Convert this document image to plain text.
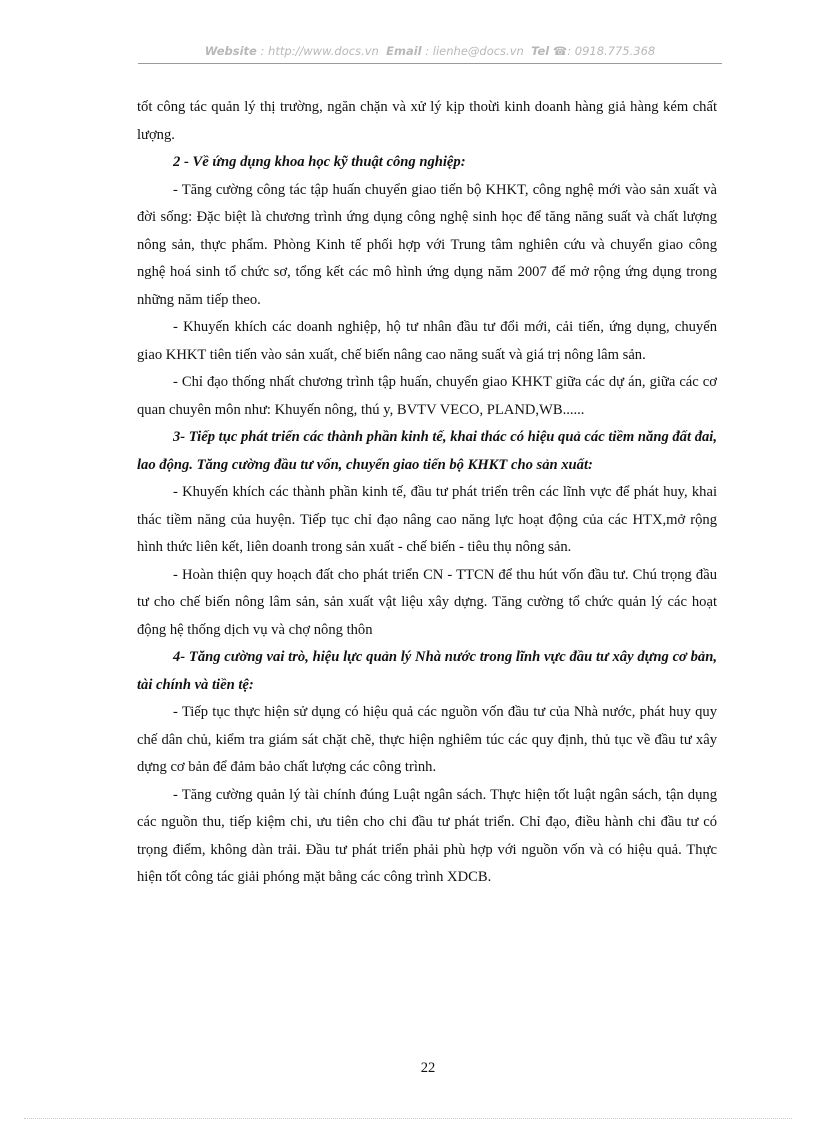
Website : http://www.docs.vn Email : lienhe@docs.vn Tel ☎: 0918.775.368

tốt công tác quản lý thị trường, ngăn chặn và xử lý kịp thoừi kinh doanh hàng giả hàng kém chất lượng.

2 - Về ứng dụng khoa học kỹ thuật công nghiệp:

- Tăng cường công tác tập huấn chuyển giao tiến bộ KHKT, công nghệ mới vào sản xuất và đời sống: Đặc biệt là chương trình ứng dụng công nghệ sinh học để tăng năng suất và chất lượng nông sản, thực phẩm. Phòng Kinh tế phối hợp với Trung tâm nghiên cứu và chuyển giao công nghệ hoá sinh tổ chức sơ, tổng kết các mô hình ứng dụng năm 2007 để mở rộng ứng dụng trong những năm tiếp theo.

- Khuyến khích các doanh nghiệp, hộ tư nhân đầu tư đổi mới, cải tiến, ứng dụng, chuyển giao KHKT tiên tiến vào sản xuất, chế biến nâng cao năng suất và giá trị nông lâm sản.

- Chỉ đạo thống nhất chương trình tập huấn, chuyển giao KHKT giữa các dự án, giữa các cơ quan chuyên môn như: Khuyến nông, thú y, BVTV VECO, PLAND,WB......

3- Tiếp tục phát triển các thành phần kinh tế, khai thác có hiệu quả các tiềm năng đất đai, lao động. Tăng cường đầu tư vốn, chuyển giao tiến bộ KHKT cho sản xuất:

- Khuyến khích các thành phần kinh tế, đầu tư phát triển trên các lĩnh vực để phát huy, khai thác tiềm năng của huyện. Tiếp tục chỉ đạo nâng cao năng lực hoạt động của các HTX,mở rộng hình thức liên kết, liên doanh trong sản xuất - chế biến - tiêu thụ nông sản.

- Hoàn thiện quy hoạch đất cho phát triển CN - TTCN để thu hút vốn đầu tư. Chú trọng đầu tư cho chế biến nông lâm sản, sản xuất vật liệu xây dựng. Tăng cường tổ chức quản lý các hoạt động hệ thống dịch vụ và chợ nông thôn

4- Tăng cường vai trò, hiệu lực quản lý Nhà nước trong lĩnh vực đầu tư xây dựng cơ bản, tài chính và tiền tệ:

- Tiếp tục thực hiện sử dụng có hiệu quả các nguồn vốn đầu tư của Nhà nước, phát huy quy chế dân chủ, kiểm tra giám sát chặt chẽ, thực hiện nghiêm túc các quy định, thủ tục về đầu tư xây dựng cơ bản để đảm bảo chất lượng các công trình.

- Tăng cường quản lý tài chính đúng Luật ngân sách. Thực hiện tốt luật ngân sách, tận dụng các nguồn thu, tiếp kiệm chi, ưu tiên cho chi đầu tư phát triển. Chỉ đạo, điều hành chi đầu tư có trọng điểm, không dàn trải. Đầu tư phát triển phải phù hợp với nguồn vốn và có hiệu quả. Thực hiện tốt công tác giải phóng mặt bằng các công trình XDCB.

22
